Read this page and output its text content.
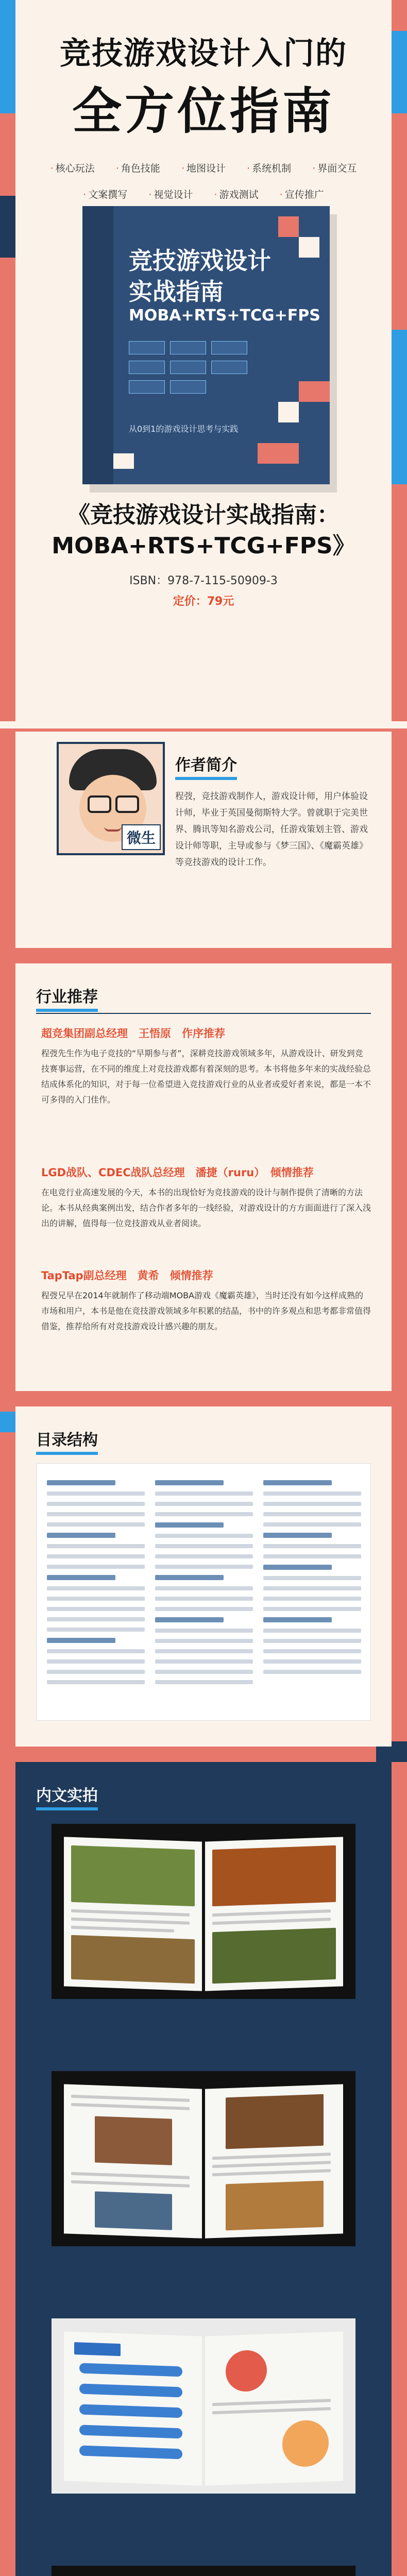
竞技游戏设计入门的
全方位指南
· 核心玩法	· 角色技能	· 地图设计	· 系统机制	· 界面交互
· 文案撰写	· 视觉设计	· 游戏测试	· 宣传推广
竞技游戏设计
实战指南
MOBA+RTS+TCG+FPS
从0到1的游戏设计思考与实践
《竞技游戏设计实战指南：MOBA+RTS+TCG+FPS》
ISBN：978-7-115-50909-3
定价：79元
作者简介
微生
程弢，竞技游戏制作人，游戏设计师，用户体验设计师，毕业于英国曼彻斯特大学。曾就职于完美世界、腾讯等知名游戏公司，任游戏策划主管、游戏设计师等职，主导或参与《梦三国》、《魔霸英雄》等竞技游戏的设计工作。
行业推荐
超竞集团副总经理　王悟原　作序推荐
程弢先生作为电子竞技的“早期参与者”，深耕竞技游戏领域多年，从游戏设计、研发到竞技赛事运营，在不同的维度上对竞技游戏都有着深刻的思考。本书将他多年来的实战经验总结成体系化的知识，对于每一位希望进入竞技游戏行业的从业者或爱好者来说，都是一本不可多得的入门佳作。
LGD战队、CDEC战队总经理　潘捷（ruru）　倾情推荐
在电竞行业高速发展的今天，本书的出现恰好为竞技游戏的设计与制作提供了清晰的方法论。本书从经典案例出发，结合作者多年的一线经验，对游戏设计的方方面面进行了深入浅出的讲解，值得每一位竞技游戏从业者阅读。
TapTap副总经理　黄希　倾情推荐
程弢兄早在2014年就制作了移动端MOBA游戏《魔霸英雄》，当时还没有如今这样成熟的市场和用户，本书是他在竞技游戏领域多年积累的结晶，书中的许多观点和思考都非常值得借鉴，推荐给所有对竞技游戏设计感兴趣的朋友。
目录结构
内文实拍
